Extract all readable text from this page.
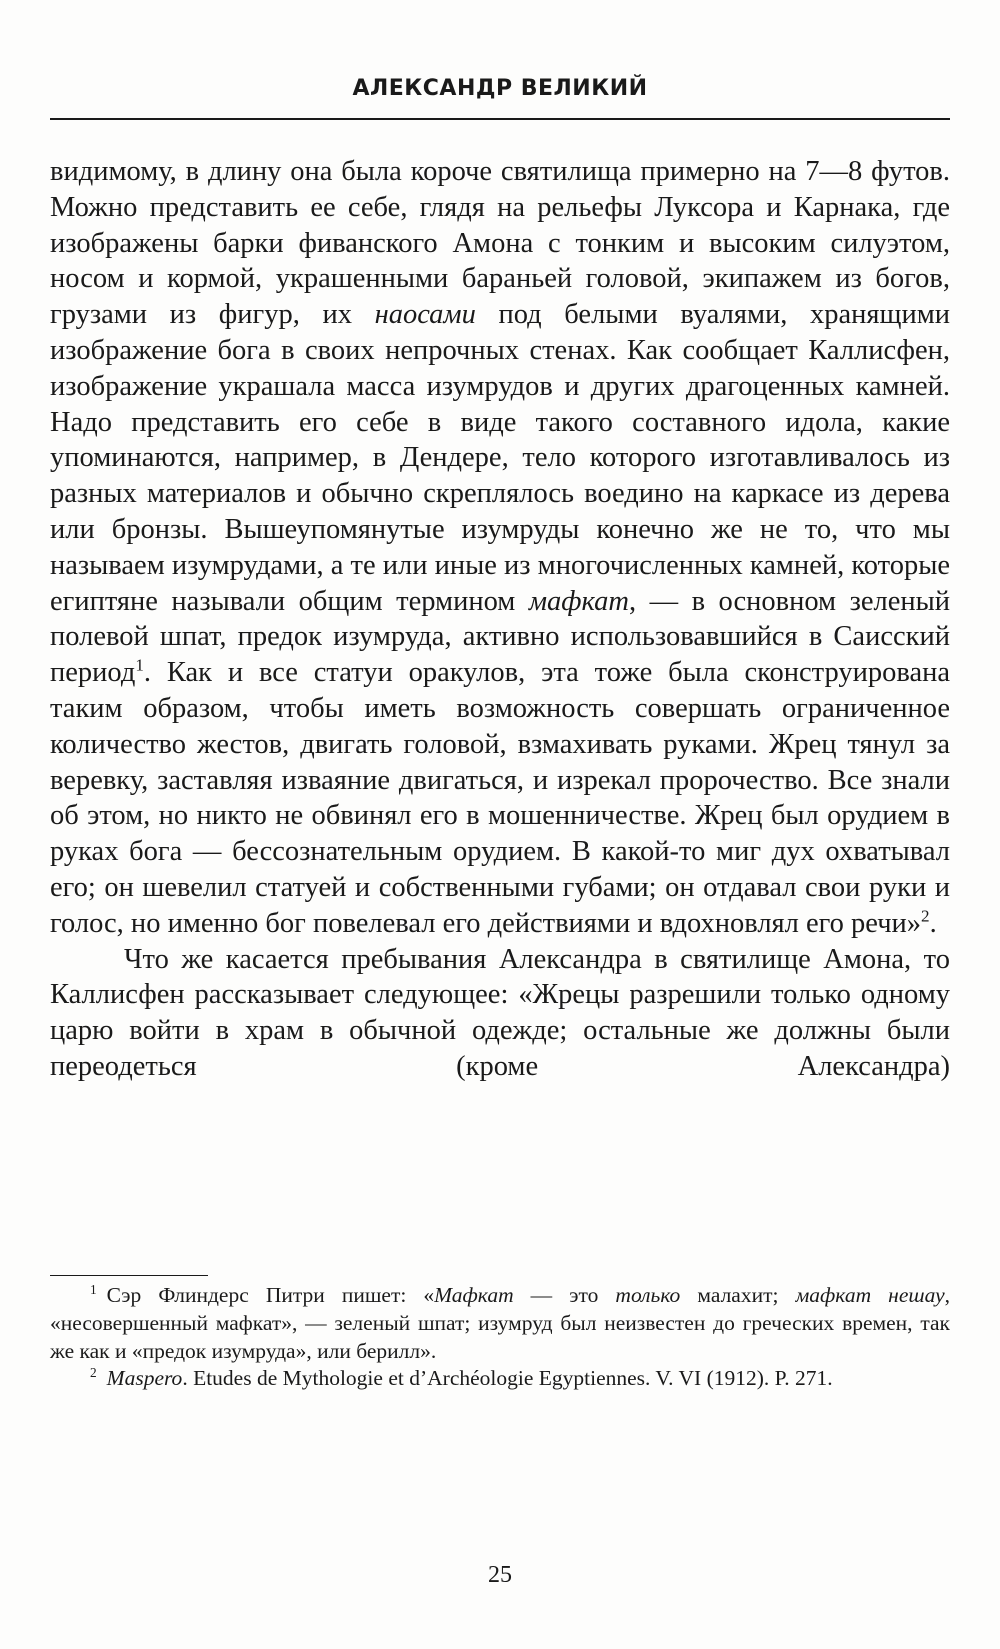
АЛЕКСАНДР ВЕЛИКИЙ

видимому, в длину она была короче святилища примерно на 7—8 футов. Можно представить ее себе, глядя на рельефы Луксора и Карнака, где изображены барки фиванского Амона с тонким и высоким силуэтом, носом и кормой, украшенными бараньей головой, экипажем из богов, грузами из фигур, их наосами под белыми вуалями, хранящими изображение бога в своих непрочных стенах. Как сообщает Каллисфен, изображение украшала масса изумрудов и других драгоценных камней. Надо представить его себе в виде такого составного идола, какие упоминаются, например, в Дендере, тело которого изготавливалось из разных материалов и обычно скреплялось воедино на каркасе из дерева или бронзы. Вышеупомянутые изумруды конечно же не то, что мы называем изумрудами, а те или иные из многочисленных камней, которые египтяне называли общим термином мафкат, — в основном зеленый полевой шпат, предок изумруда, активно использовавшийся в Саисский период$^1$. Как и все статуи оракулов, эта тоже была сконструирована таким образом, чтобы иметь возможность совершать ограниченное количество жестов, двигать головой, взмахивать руками. Жрец тянул за веревку, заставляя изваяние двигаться, и изрекал пророчество. Все знали об этом, но никто не обвинял его в мошенничестве. Жрец был орудием в руках бога — бессознательным орудием. В какой-то миг дух охватывал его; он шевелил статуей и собственными губами; он отдавал свои руки и голос, но именно бог повелевал его действиями и вдохновлял его речи»$^2$.

Что же касается пребывания Александра в святилище Амона, то Каллисфен рассказывает следующее: «Жрецы разрешили только одному царю войти в храм в обычной одежде; остальные же должны были переодеться (кроме Александра)

$^1$ Сэр Флиндерс Питри пишет: «Мафкат — это только малахит; мафкат нешау, «несовершенный мафкат», — зеленый шпат; изумруд был неизвестен до греческих времен, так же как и «предок изумруда», или берилл».

$^2$ Maspero. Etudes de Mythologie et d’Archéologie Egyptiennes. V. VI (1912). P. 271.

25
